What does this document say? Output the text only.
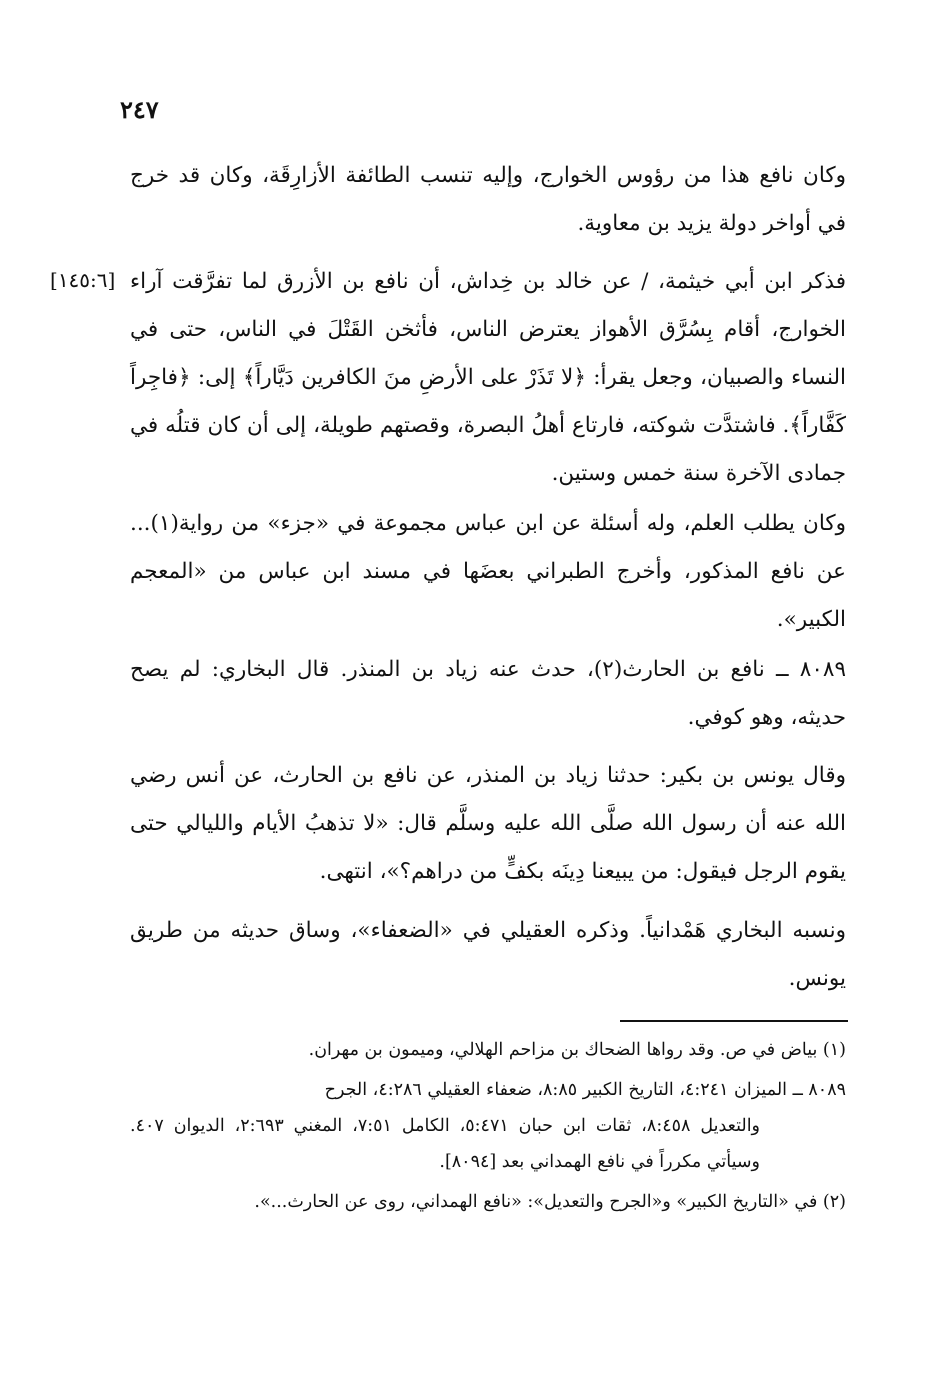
٢٤٧
[١٤٥:٦]

وكان نافع هذا من رؤوس الخوارج، وإليه تنسب الطائفة الأزارِقَة، وكان قد خرج في أواخر دولة يزيد بن معاوية.

فذكر ابن أبي خيثمة، / عن خالد بن خِداش، أن نافع بن الأزرق لما تفرَّقت آراء الخوارج، أقام بِسُرَّق الأهواز يعترض الناس، فأثخن القَتْلَ في الناس، حتى في النساء والصبيان، وجعل يقرأ: ﴿لا تَذَرْ على الأرضِ منَ الكافرين دَيَّاراً﴾ إلى: ﴿فاجِراً كَفَّاراً﴾. فاشتدَّت شوكته، فارتاع أهلُ البصرة، وقصتهم طويلة، إلى أن كان قتلُه في جمادى الآخرة سنة خمس وستين.

وكان يطلب العلم، وله أسئلة عن ابن عباس مجموعة في «جزء» من رواية(١)... عن نافع المذكور، وأخرج الطبراني بعضَها في مسند ابن عباس من «المعجم الكبير».

٨٠٨٩ ــ نافع بن الحارث(٢)، حدث عنه زياد بن المنذر. قال البخاري: لم يصح حديثه، وهو كوفي.

وقال يونس بن بكير: حدثنا زياد بن المنذر، عن نافع بن الحارث، عن أنس رضي الله عنه أن رسول الله صلَّى الله عليه وسلَّم قال: «لا تذهبُ الأيام والليالي حتى يقوم الرجل فيقول: من يبيعنا دِينَه بكفٍّ من دراهم؟»، انتهى.

ونسبه البخاري هَمْدانياً. وذكره العقيلي في «الضعفاء»، وساق حديثه من طريق يونس.

(١) بياض في ص. وقد رواها الضحاك بن مزاحم الهلالي، وميمون بن مهران.

٨٠٨٩ ــ الميزان ٤:٢٤١، التاريخ الكبير ٨:٨٥، ضعفاء العقيلي ٤:٢٨٦، الجرح

والتعديل ٨:٤٥٨، ثقات ابن حبان ٥:٤٧١، الكامل ٧:٥١، المغني ٢:٦٩٣، الديوان ٤٠٧. وسيأتي مكرراً في نافع الهمداني بعد [٨٠٩٤].

(٢) في «التاريخ الكبير» و«الجرح والتعديل»: «نافع الهمداني، روى عن الحارث...».
